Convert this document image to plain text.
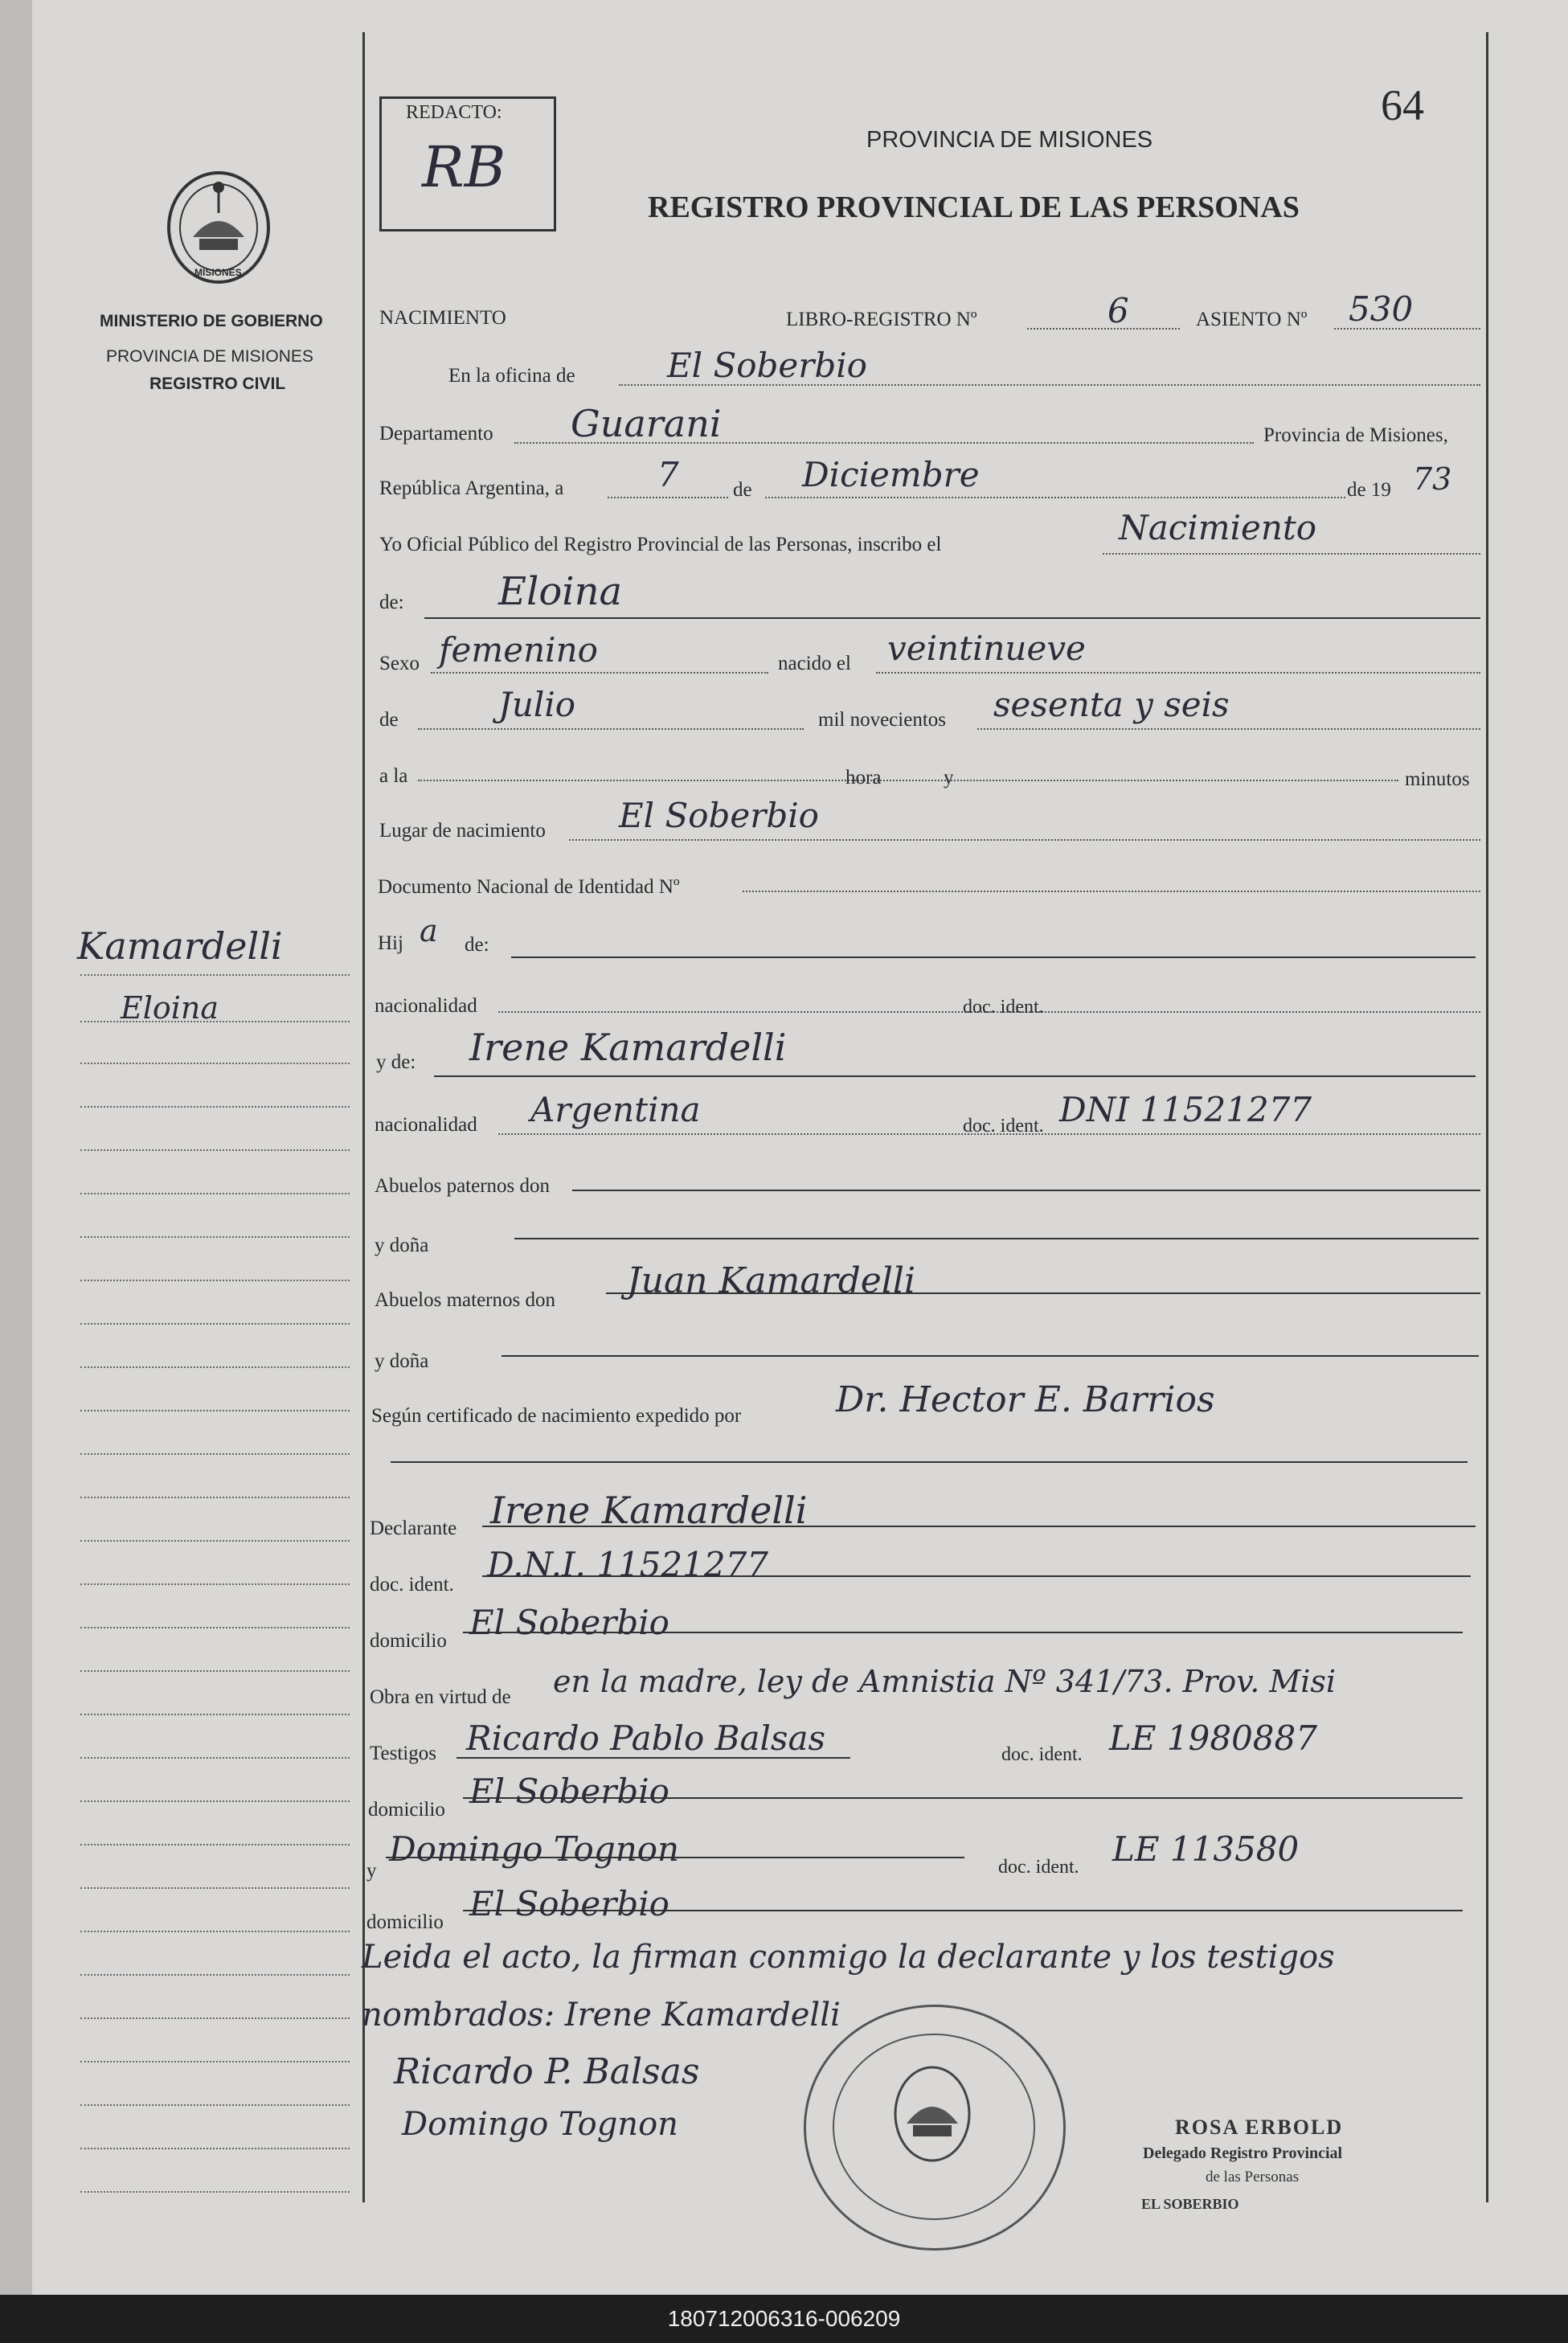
REDACTO:
RB
64
PROVINCIA DE MISIONES
REGISTRO PROVINCIAL DE LAS PERSONAS
MISIONES
MINISTERIO DE GOBIERNO
PROVINCIA DE MISIONES
REGISTRO CIVIL
Kamardelli
Eloina
NACIMIENTO	LIBRO-REGISTRO Nº	6	ASIENTO Nº 530
En la oficina de	El Soberbio
Departamento Guarani	Provincia de Misiones,
República Argentina, a	7	de Diciembre	de 19 73
Yo Oficial Público del Registro Provincial de las Personas, inscribo el	Nacimiento
de: Eloina
Sexo femenino	nacido el veintinueve
de	Julio	mil novecientos sesenta y seis
a la	hora	y	minutos
Lugar de nacimiento El Soberbio
Documento Nacional de Identidad Nº
Hij a de:
nacionalidad	doc. ident.
y de: Irene Kamardelli
nacionalidad Argentina	doc. ident. DNI 11521277
Abuelos paternos don
y doña
Abuelos maternos don Juan Kamardelli
y doña
Según certificado de nacimiento expedido por	Dr. Hector E. Barrios
Declarante Irene Kamardelli
doc. ident.
D.N.I. 11521277
domicilio El Soberbio
Obra en virtud de en la madre, ley de Amnistia Nº 341/73. Prov. Misi
Testigos Ricardo Pablo Balsas	doc. ident. LE 1980887
domicilio El Soberbio
y
Domingo Tognon	doc. ident. LE 113580
domicilio El Soberbio
Leida el acto, la firman conmigo la declarante y los testigos
nombrados: Irene Kamardelli
Ricardo P. Balsas
Domingo Tognon	ROSA ERBOLD
Delegado Registro Provincial
de las Personas
EL SOBERBIO
180712006316-006209
